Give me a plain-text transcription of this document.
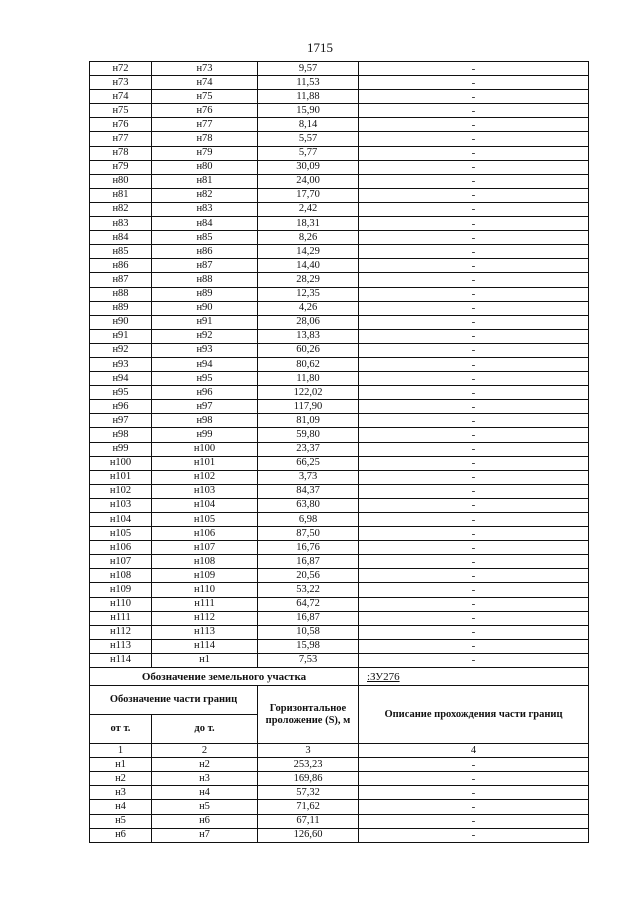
1715
н72	н73	9,57	-
н73	н74	11,53	-
н74	н75	11,88	-
н75	н76	15,90	-
н76	н77	8,14	-
н77	н78	5,57	-
н78	н79	5,77	-
н79	н80	30,09	-
н80	н81	24,00	-
н81	н82	17,70	-
н82	н83	2,42	-
н83	н84	18,31	-
н84	н85	8,26	-
н85	н86	14,29	-
н86	н87	14,40	-
н87	н88	28,29	-
н88	н89	12,35	-
н89	н90	4,26	-
н90	н91	28,06	-
н91	н92	13,83	-
н92	н93	60,26	-
н93	н94	80,62	-
н94	н95	11,80	-
н95	н96	122,02	-
н96	н97	117,90	-
н97	н98	81,09	-
н98	н99	59,80	-
н99	н100	23,37	-
н100	н101	66,25	-
н101	н102	3,73	-
н102	н103	84,37	-
н103	н104	63,80	-
н104	н105	6,98	-
н105	н106	87,50	-
н106	н107	16,76	-
н107	н108	16,87	-
н108	н109	20,56	-
н109	н110	53,22	-
н110	н111	64,72	-
н111	н112	16,87	-
н112	н113	10,58	-
н113	н114	15,98	-
н114	н1	7,53	-
Обозначение земельного участка			:ЗУ276
Обозначение части границ		Горизонтальное проложение (S), м	Описание прохождения части границ
от т.	до т.		
1	2	3	4
н1	н2	253,23	-
н2	н3	169,86	-
н3	н4	57,32	-
н4	н5	71,62	-
н5	н6	67,11	-
н6	н7	126,60	-
